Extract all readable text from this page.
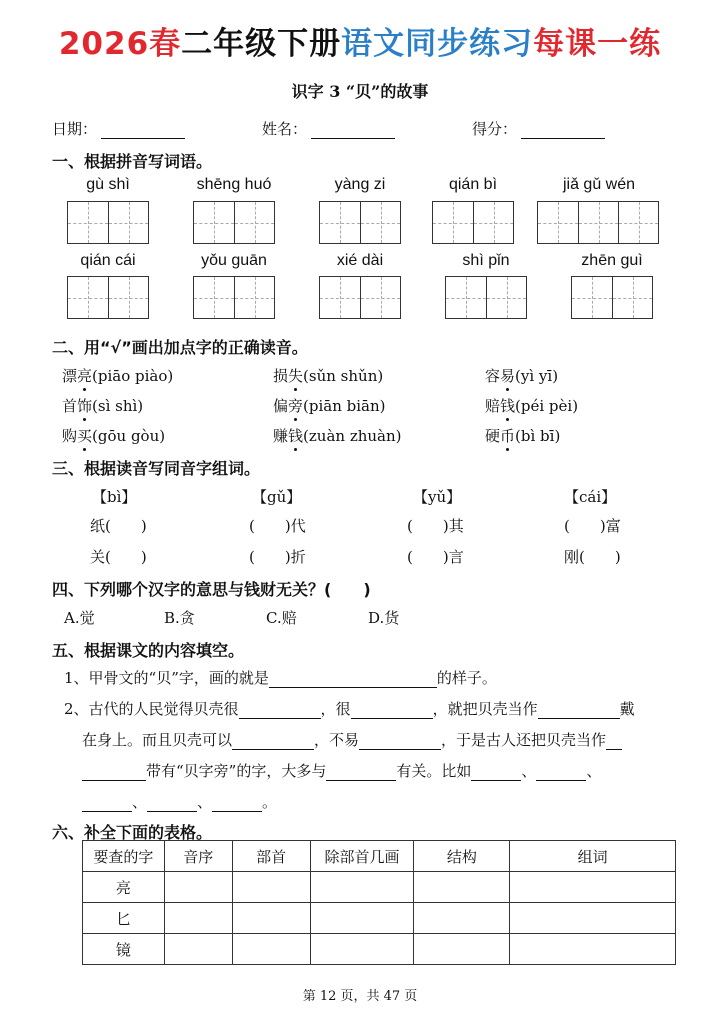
2026春二年级下册语文同步练习每课一练
识字 3 “贝”的故事
日期：	姓名：	得分：
一、根据拼音写词语。
gù shì	shēng huó	yàng zi	qián bì	jiǎ gǔ wén
qián cái	yǒu guān	xié dài	shì pǐn	zhēn guì
二、用“√”画出加点字的正确读音。
漂亮(piāo piào)	损失(sǔn shǔn)	容易(yì yī)
首饰(sì shì)	偏旁(piān biān)	赔钱(péi pèi)
购买(gōu gòu)	赚钱(zuàn zhuàn)	硬币(bì bī)
三、根据读音写同音字组词。
【bì】	【gǔ】	【yǔ】	【cái】
纸(　　)	(　　)代	(　　)其	(　　)富
关(　　)	(　　)折	(　　)言	刚(　　)
四、下列哪个汉字的意思与钱财无关？(　　)
A.觉	B.贪	C.赔	D.货
五、根据课文的内容填空。
1、甲骨文的“贝”字，画的就是	的样子。
2、古代的人民觉得贝壳很	，很	，就把贝壳当作	戴
在身上。而且贝壳可以	，不易	，于是古人还把贝壳当作
带有“贝字旁”的字，大多与	有关。比如	、	、
、	、	。
六、补全下面的表格。
要查的字	音序	部首	除部首几画	结构	组词
亮					
匕					
镜					
第 12 页，共 47 页
